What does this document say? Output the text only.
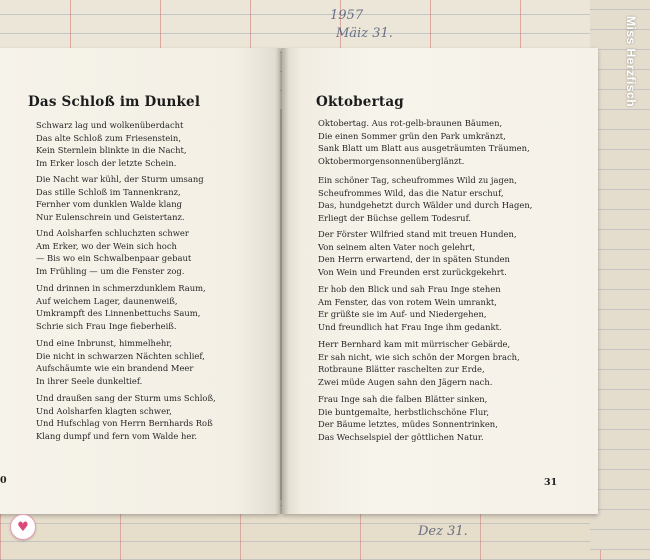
1957
Mäiz 31.
Dez 31.
Das Schloß im Dunkel
Schwarz lag und wolkenüberdacht
Das alte Schloß zum Friesenstein,
Kein Sternlein blinkte in die Nacht,
Im Erker losch der letzte Schein.
Die Nacht war kühl, der Sturm umsang
Das stille Schloß im Tannenkranz,
Fernher vom dunklen Walde klang
Nur Eulenschrein und Geistertanz.
Und Aolsharfen schluchzten schwer
Am Erker, wo der Wein sich hoch
— Bis wo ein Schwalbenpaar gebaut
Im Frühling — um die Fenster zog.
Und drinnen in schmerzdunklem Raum,
Auf weichem Lager, daunenweiß,
Umkrampft des Linnenbettuchs Saum,
Schrie sich Frau Inge fieberheiß.
Und eine Inbrunst, himmelhehr,
Die nicht in schwarzen Nächten schlief,
Aufschäumte wie ein brandend Meer
In ihrer Seele dunkeltief.
Und draußen sang der Sturm ums Schloß,
Und Aolsharfen klagten schwer,
Und Hufschlag von Herrn Bernhards Roß
Klang dumpf und fern vom Walde her.
0
Oktobertag
Oktobertag. Aus rot-gelb-braunen Bäumen,
Die einen Sommer grün den Park umkränzt,
Sank Blatt um Blatt aus ausgeträumten Träumen,
Oktobermorgensonnenüberglänzt.
Ein schöner Tag, scheufrommes Wild zu jagen,
Scheufrommes Wild, das die Natur erschuf,
Das, hundgehetzt durch Wälder und durch Hagen,
Erliegt der Büchse gellem Todesruf.
Der Förster Wilfried stand mit treuen Hunden,
Von seinem alten Vater noch gelehrt,
Den Herrn erwartend, der in späten Stunden
Von Wein und Freunden erst zurückgekehrt.
Er hob den Blick und sah Frau Inge stehen
Am Fenster, das von rotem Wein umrankt,
Er grüßte sie im Auf- und Niedergehen,
Und freundlich hat Frau Inge ihm gedankt.
Herr Bernhard kam mit mürrischer Gebärde,
Er sah nicht, wie sich schön der Morgen brach,
Rotbraune Blätter raschelten zur Erde,
Zwei müde Augen sahn den Jägern nach.
Frau Inge sah die falben Blätter sinken,
Die buntgemalte, herbstlichschöne Flur,
Der Bäume letztes, müdes Sonnentrinken,
Das Wechselspiel der göttlichen Natur.
31
Miss Herzfisch
♥
